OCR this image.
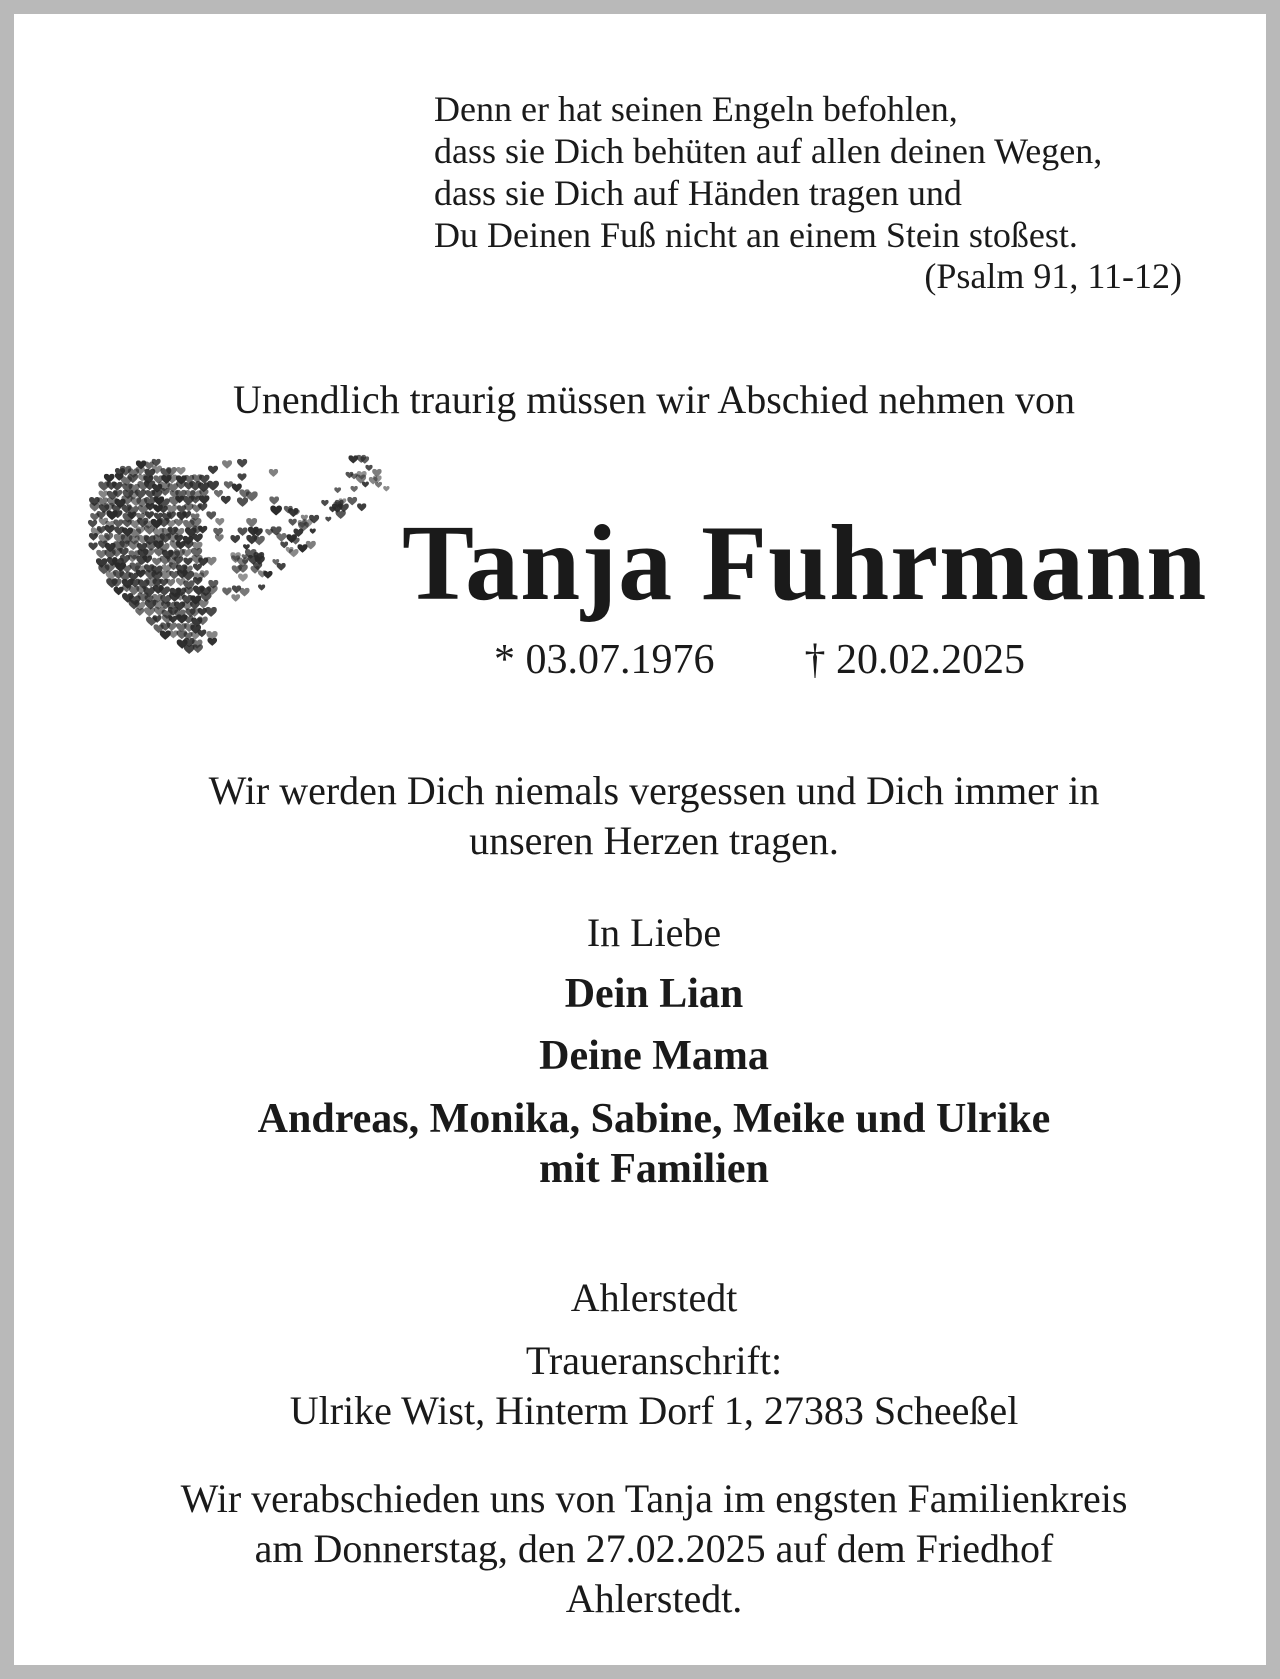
Denn er hat seinen Engeln befohlen,
dass sie Dich behüten auf allen deinen Wegen,
dass sie Dich auf Händen tragen und
Du Deinen Fuß nicht an einem Stein stoßest.
(Psalm 91, 11-12)
Unendlich traurig müssen wir Abschied nehmen von
Tanja Fuhrmann
* 03.07.1976 † 20.02.2025
Wir werden Dich niemals vergessen und Dich immer in
unseren Herzen tragen.
In Liebe
Dein Lian
Deine Mama
Andreas, Monika, Sabine, Meike und Ulrike
mit Familien
Ahlerstedt
Traueranschrift:
Ulrike Wist, Hinterm Dorf 1, 27383 Scheeßel
Wir verabschieden uns von Tanja im engsten Familienkreis
am Donnerstag, den 27.02.2025 auf dem Friedhof
Ahlerstedt.
